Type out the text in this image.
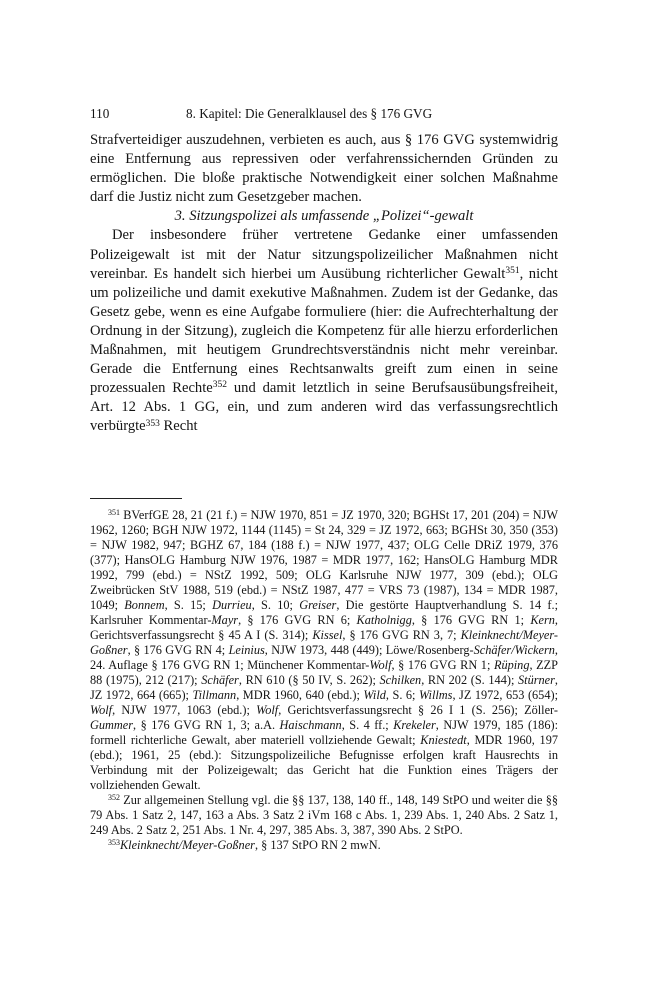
110	8. Kapitel: Die Generalklausel des § 176 GVG

Strafverteidiger auszudehnen, verbieten es auch, aus § 176 GVG systemwidrig eine Entfernung aus repressiven oder verfahrenssichernden Gründen zu ermöglichen. Die bloße praktische Notwendigkeit einer solchen Maßnahme darf die Justiz nicht zum Gesetzgeber machen.

3. Sitzungspolizei als umfassende „Polizei“-gewalt

Der insbesondere früher vertretene Gedanke einer umfassenden Polizeigewalt ist mit der Natur sitzungspolizeilicher Maßnahmen nicht vereinbar. Es handelt sich hierbei um Ausübung richterlicher Gewalt$^{351}$, nicht um polizeiliche und damit exekutive Maßnahmen. Zudem ist der Gedanke, das Gesetz gebe, wenn es eine Aufgabe formuliere (hier: die Aufrechterhaltung der Ordnung in der Sitzung), zugleich die Kompetenz für alle hierzu erforderlichen Maßnahmen, mit heutigem Grundrechtsverständnis nicht mehr vereinbar. Gerade die Entfernung eines Rechtsanwalts greift zum einen in seine prozessualen Rechte$^{352}$ und damit letztlich in seine Berufsausübungsfreiheit, Art. 12 Abs. 1 GG, ein, und zum anderen wird das verfassungsrechtlich verbürgte$^{353}$ Recht

$^{351}$ BVerfGE 28, 21 (21 f.) = NJW 1970, 851 = JZ 1970, 320; BGHSt 17, 201 (204) = NJW 1962, 1260; BGH NJW 1972, 1144 (1145) = St 24, 329 = JZ 1972, 663; BGHSt 30, 350 (353) = NJW 1982, 947; BGHZ 67, 184 (188 f.) = NJW 1977, 437; OLG Celle DRiZ 1979, 376 (377); HansOLG Hamburg NJW 1976, 1987 = MDR 1977, 162; HansOLG Hamburg MDR 1992, 799 (ebd.) = NStZ 1992, 509; OLG Karlsruhe NJW 1977, 309 (ebd.); OLG Zweibrücken StV 1988, 519 (ebd.) = NStZ 1987, 477 = VRS 73 (1987), 134 = MDR 1987, 1049; Bonnem, S. 15; Durrieu, S. 10; Greiser, Die gestörte Hauptverhandlung S. 14 f.; Karlsruher Kommentar-Mayr, § 176 GVG RN 6; Katholnigg, § 176 GVG RN 1; Kern, Gerichtsverfassungsrecht § 45 A I (S. 314); Kissel, § 176 GVG RN 3, 7; Kleinknecht/Meyer-Goßner, § 176 GVG RN 4; Leinius, NJW 1973, 448 (449); Löwe/Rosenberg-Schäfer/Wickern, 24. Auflage § 176 GVG RN 1; Münchener Kommentar-Wolf, § 176 GVG RN 1; Rüping, ZZP 88 (1975), 212 (217); Schäfer, RN 610 (§ 50 IV, S. 262); Schilken, RN 202 (S. 144); Stürner, JZ 1972, 664 (665); Tillmann, MDR 1960, 640 (ebd.); Wild, S. 6; Willms, JZ 1972, 653 (654); Wolf, NJW 1977, 1063 (ebd.); Wolf, Gerichtsverfassungsrecht § 26 I 1 (S. 256); Zöller-Gummer, § 176 GVG RN 1, 3; a.A. Haischmann, S. 4 ff.; Krekeler, NJW 1979, 185 (186): formell richterliche Gewalt, aber materiell vollziehende Gewalt; Kniestedt, MDR 1960, 197 (ebd.); 1961, 25 (ebd.): Sitzungspolizeiliche Befugnisse erfolgen kraft Hausrechts in Verbindung mit der Polizeigewalt; das Gericht hat die Funktion eines Trägers der vollziehenden Gewalt.

$^{352}$ Zur allgemeinen Stellung vgl. die §§ 137, 138, 140 ff., 148, 149 StPO und weiter die §§ 79 Abs. 1 Satz 2, 147, 163 a Abs. 3 Satz 2 iVm 168 c Abs. 1, 239 Abs. 1, 240 Abs. 2 Satz 1, 249 Abs. 2 Satz 2, 251 Abs. 1 Nr. 4, 297, 385 Abs. 3, 387, 390 Abs. 2 StPO.

$^{353}$Kleinknecht/Meyer-Goßner, § 137 StPO RN 2 mwN.
